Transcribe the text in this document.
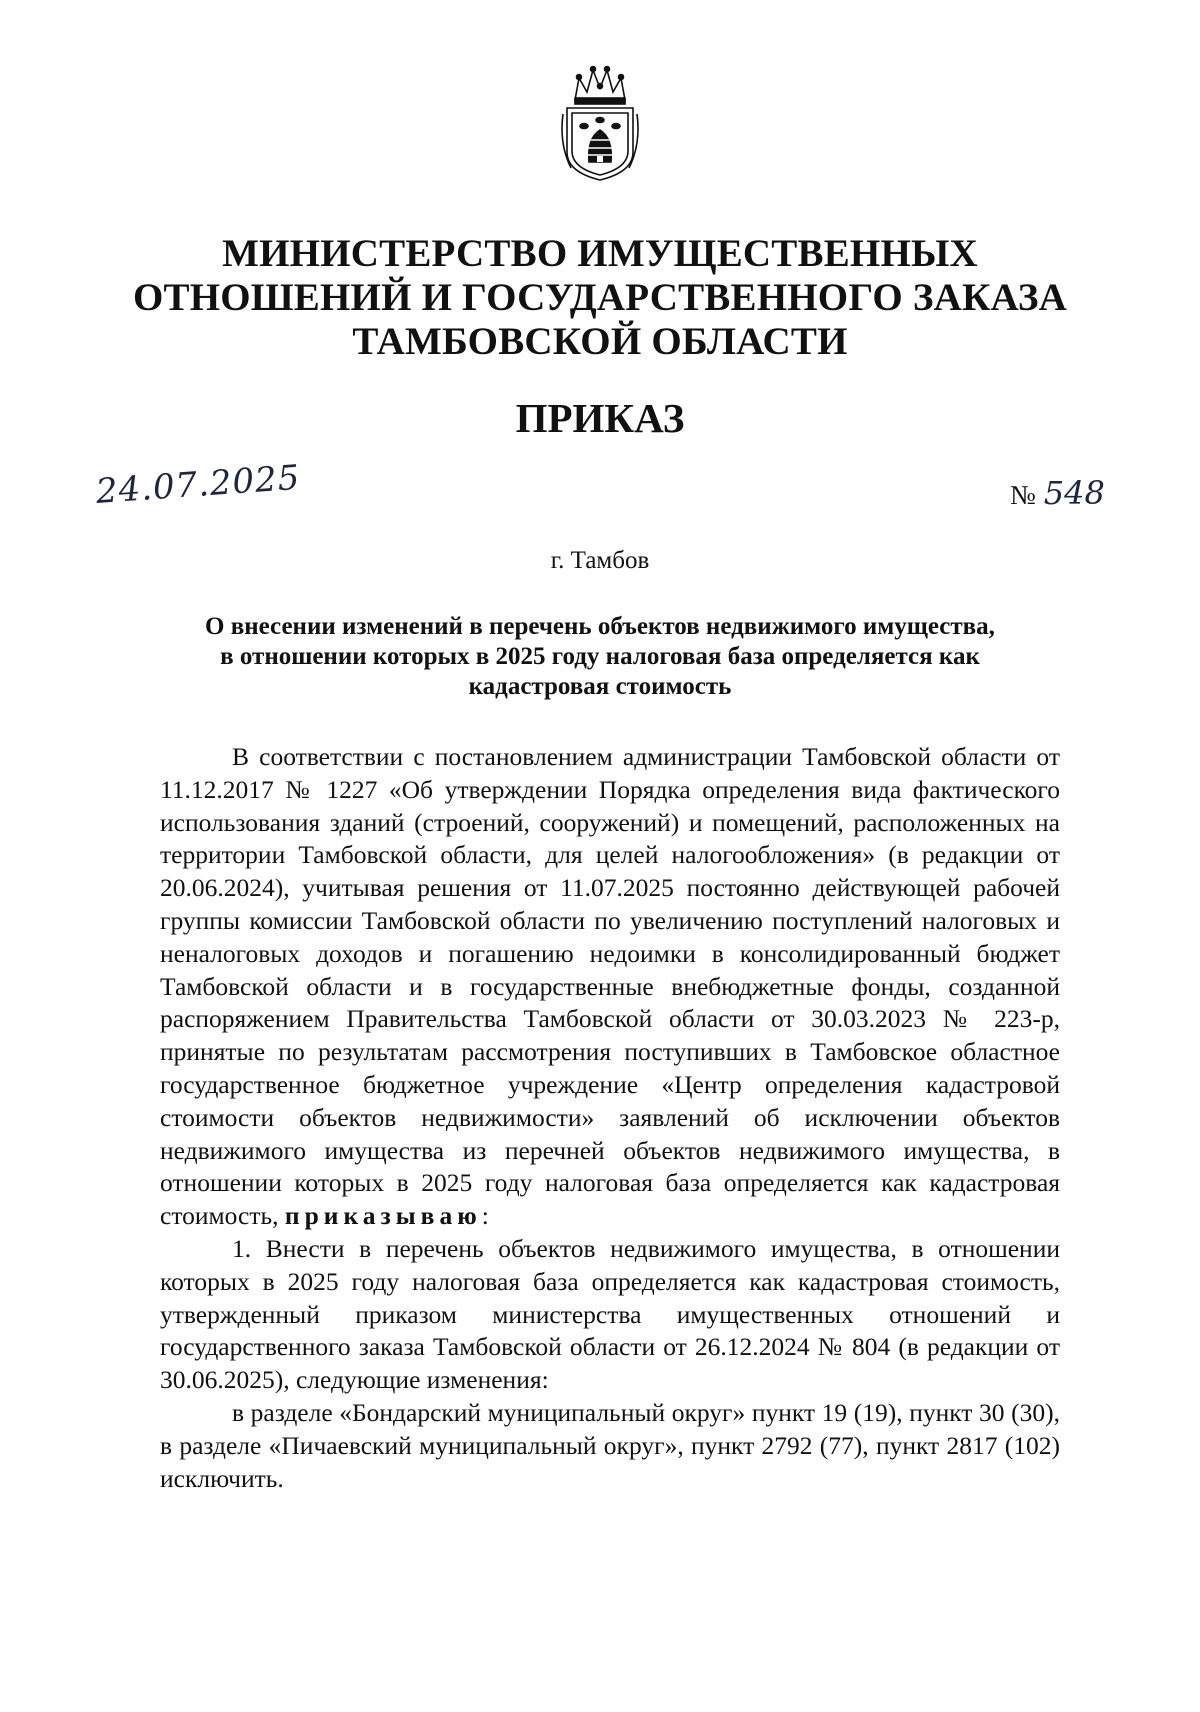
МИНИСТЕРСТВО ИМУЩЕСТВЕННЫХ
ОТНОШЕНИЙ И ГОСУДАРСТВЕННОГО ЗАКАЗА
ТАМБОВСКОЙ ОБЛАСТИ
ПРИКАЗ
24.07.2025	№ 548
г. Тамбов
О внесении изменений в перечень объектов недвижимого имущества,
в отношении которых в 2025 году налоговая база определяется как
кадастровая стоимость

В соответствии с постановлением администрации Тамбовской области от 11.12.2017 № 1227 «Об утверждении Порядка определения вида фактического использования зданий (строений, сооружений) и помещений, расположенных на территории Тамбовской области, для целей налогообложения» (в редакции от 20.06.2024), учитывая решения от 11.07.2025 постоянно действующей рабочей группы комиссии Тамбовской области по увеличению поступлений налоговых и неналоговых доходов и погашению недоимки в консолидированный бюджет Тамбовской области и в государственные внебюджетные фонды, созданной распоряжением Правительства Тамбовской области от 30.03.2023 № 223-р, принятые по результатам рассмотрения поступивших в Тамбовское областное государственное бюджетное учреждение «Центр определения кадастровой стоимости объектов недвижимости» заявлений об исключении объектов недвижимого имущества из перечней объектов недвижимого имущества, в отношении которых в 2025 году налоговая база определяется как кадастровая стоимость, приказываю:

1. Внести в перечень объектов недвижимого имущества, в отношении которых в 2025 году налоговая база определяется как кадастровая стоимость, утвержденный приказом министерства имущественных отношений и государственного заказа Тамбовской области от 26.12.2024 № 804 (в редакции от 30.06.2025), следующие изменения:

в разделе «Бондарский муниципальный округ» пункт 19 (19), пункт 30 (30), в разделе «Пичаевский муниципальный округ», пункт 2792 (77), пункт 2817 (102) исключить.
